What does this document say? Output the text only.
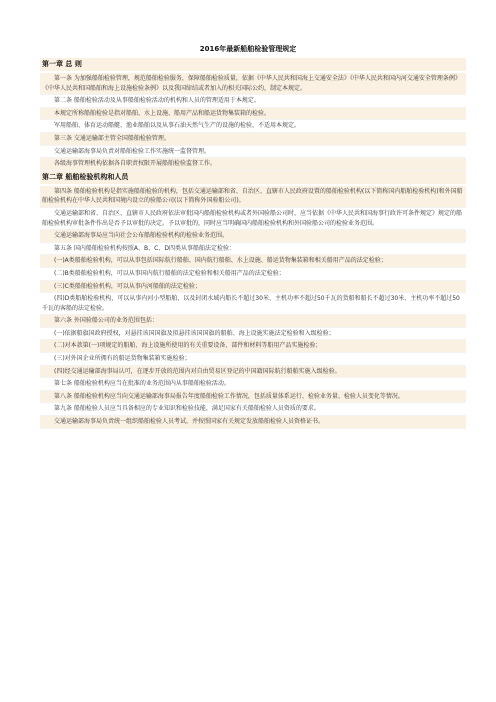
2016年最新船舶检验管理规定
第一章 总 则
第一条 为加强船舶检验管理，规范船舶检验服务，保障船舶检验质量，依据《中华人民共和国海上交通安全法》《中华人民共和国内河交通安全管理条例》《中华人民共和国船舶和海上设施检验条例》以及我国缔结或者加入的相关国际公约，制定本规定。
第二条 船舶检验活动及从事船舶检验活动的机构和人员的管理适用于本规定。
本规定所称船舶检验是指对船舶、水上设施、船用产品和船运货物集装箱的检验。
军用船舶、体育运动船艇、渔业船舶以及从事石油天然气生产的设施的检验，不适用本规定。
第三条 交通运输部主管全国船舶检验管理。
交通运输部海事局负责对船舶检验工作实施统一监督管理。
各级海事管理机构依据各自职责权限开展船舶检验监督工作。
第二章 船舶检验机构和人员
第四条 船舶检验机构是指实施船舶检验的机构，包括交通运输部和省、自治区、直辖市人民政府设置的船舶检验机构(以下简称国内船舶检验机构)和外国船舶检验机构在中华人民共和国境内设立的验船公司(以下简称外国验船公司)。
交通运输部和省、自治区、直辖市人民政府依法审批国内船舶检验机构或者外国验船公司时，应当依据《中华人民共和国海事行政许可条件规定》规定的船舶检验机构审批条件作出是否予以审批的决定。予以审批的，同时应当明确国内船舶检验机构和外国验船公司的检验业务范围。
交通运输部海事局应当向社会公布船舶检验机构的检验业务范围。
第五条 国内船舶检验机构按照A、B、C、D四类从事船舶法定检验：
(一)A类船舶检验机构，可以从事包括国际航行船舶、国内航行船舶、水上设施、船运货物集装箱和相关船用产品的法定检验；
(二)B类船舶检验机构，可以从事国内航行船舶的法定检验和相关船用产品的法定检验；
(三)C类船舶检验机构，可以从事内河船舶的法定检验；
(四)D类船舶检验机构，可以从事内河小型船舶，以及封闭水域内船长不超过30米、主机功率不超过50千瓦的货船和船长不超过30米、主机功率不超过50千瓦的客船的法定检验。
第六条 外国验船公司的业务范围包括：
(一)依据船旗国政府授权，对悬挂该国国旗及拟悬挂该国国旗的船舶、海上设施实施法定检验和入级检验；
(二)对本款第(一)项规定的船舶、海上设施所使用的有关重要设备、部件和材料等船用产品实施检验；
(三)对外国企业所拥有的船运货物集装箱实施检验；
(四)经交通运输部海事局认可，在逐步开放的范围内对自由贸易区登记的中国籍国际航行船舶实施入级检验。
第七条 船舶检验机构应当在批准的业务范围内从事船舶检验活动。
第八条 船舶检验机构应当向交通运输部海事局报告年度船舶检验工作情况，包括质量体系运行、检验业务量、检验人员变化等情况。
第九条 船舶检验人员应当具备相应的专业知识和检验技能，满足国家有关船舶检验人员资质的要求。
交通运输部海事局负责统一组织船舶检验人员考试，并按照国家有关规定发放船舶检验人员资格证书。
